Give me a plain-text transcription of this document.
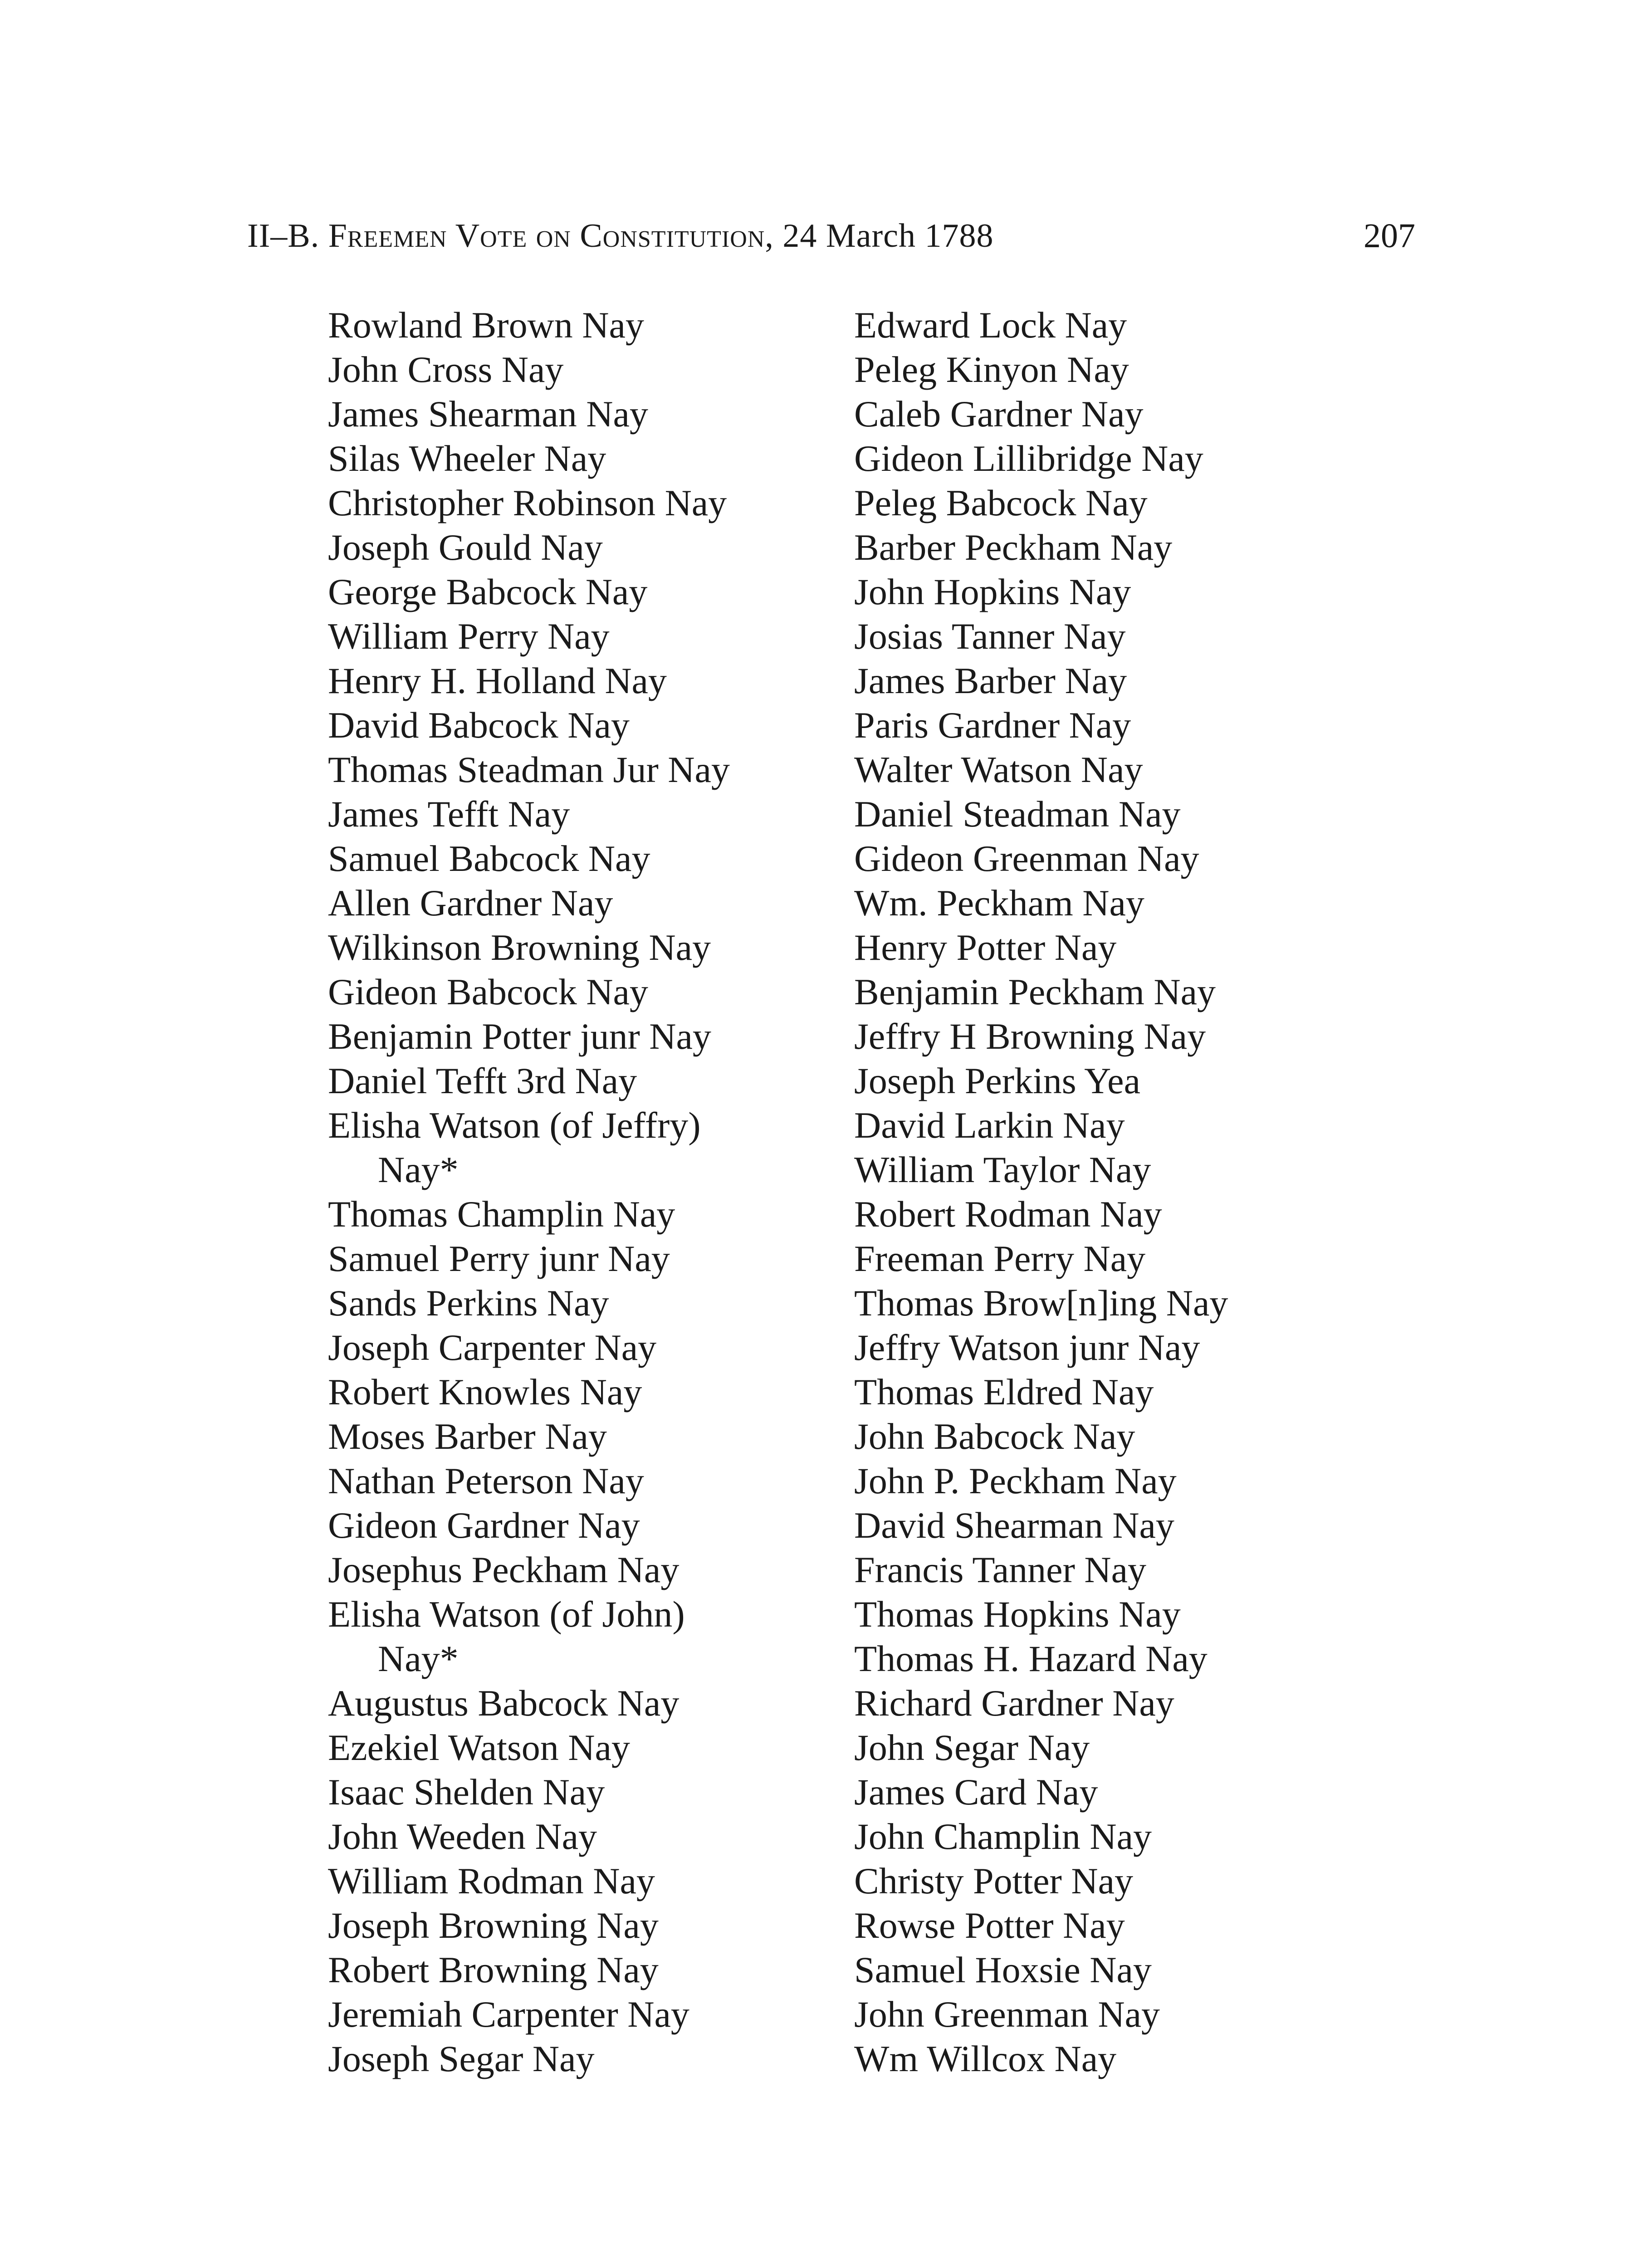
II–B. Freemen Vote on Constitution, 24 March 1788	207
Rowland Brown Nay
John Cross Nay
James Shearman Nay
Silas Wheeler Nay
Christopher Robinson Nay
Joseph Gould Nay
George Babcock Nay
William Perry Nay
Henry H. Holland Nay
David Babcock Nay
Thomas Steadman Jur Nay
James Tefft Nay
Samuel Babcock Nay
Allen Gardner Nay
Wilkinson Browning Nay
Gideon Babcock Nay
Benjamin Potter junr Nay
Daniel Tefft 3rd Nay
Elisha Watson (of Jeffry)
Nay*
Thomas Champlin Nay
Samuel Perry junr Nay
Sands Perkins Nay
Joseph Carpenter Nay
Robert Knowles Nay
Moses Barber Nay
Nathan Peterson Nay
Gideon Gardner Nay
Josephus Peckham Nay
Elisha Watson (of John)
Nay*
Augustus Babcock Nay
Ezekiel Watson Nay
Isaac Shelden Nay
John Weeden Nay
William Rodman Nay
Joseph Browning Nay
Robert Browning Nay
Jeremiah Carpenter Nay
Joseph Segar Nay
Edward Lock Nay
Peleg Kinyon Nay
Caleb Gardner Nay
Gideon Lillibridge Nay
Peleg Babcock Nay
Barber Peckham Nay
John Hopkins Nay
Josias Tanner Nay
James Barber Nay
Paris Gardner Nay
Walter Watson Nay
Daniel Steadman Nay
Gideon Greenman Nay
Wm. Peckham Nay
Henry Potter Nay
Benjamin Peckham Nay
Jeffry H Browning Nay
Joseph Perkins Yea
David Larkin Nay
William Taylor Nay
Robert Rodman Nay
Freeman Perry Nay
Thomas Brow[n]ing Nay
Jeffry Watson junr Nay
Thomas Eldred Nay
John Babcock Nay
John P. Peckham Nay
David Shearman Nay
Francis Tanner Nay
Thomas Hopkins Nay
Thomas H. Hazard Nay
Richard Gardner Nay
John Segar Nay
James Card Nay
John Champlin Nay
Christy Potter Nay
Rowse Potter Nay
Samuel Hoxsie Nay
John Greenman Nay
Wm Willcox Nay
